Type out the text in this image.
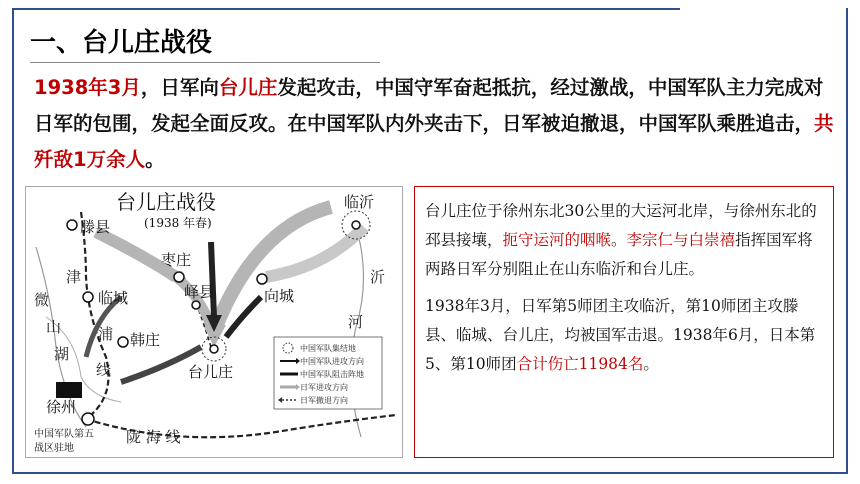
一、台儿庄战役
1938年3月，日军向台儿庄发起攻击，中国守军奋起抵抗，经过激战，中国军队主力完成对日军的包围，发起全面反攻。在中国军队内外夹击下，日军被迫撤退，中国军队乘胜追击，共歼敌1万余人。
台儿庄战役
(1938 年春)
滕县
临沂
枣庄
峄县
临城	向城
韩庄
台儿庄
徐州
津
浦
线
微
山
湖
沂
河
陇 海 线
中国军队第五
战区驻地
中国军队集结地
中国军队进攻方向
中国军队阻击阵地
日军进攻方向
日军撤退方向

台儿庄位于徐州东北30公里的大运河北岸，与徐州东北的邳县接壤，扼守运河的咽喉。李宗仁与白崇禧指挥国军将两路日军分别阻止在山东临沂和台儿庄。

1938年3月，日军第5师团主攻临沂，第10师团主攻滕县、临城、台儿庄，均被国军击退。1938年6月，日本第5、第10师团合计伤亡11984名。
